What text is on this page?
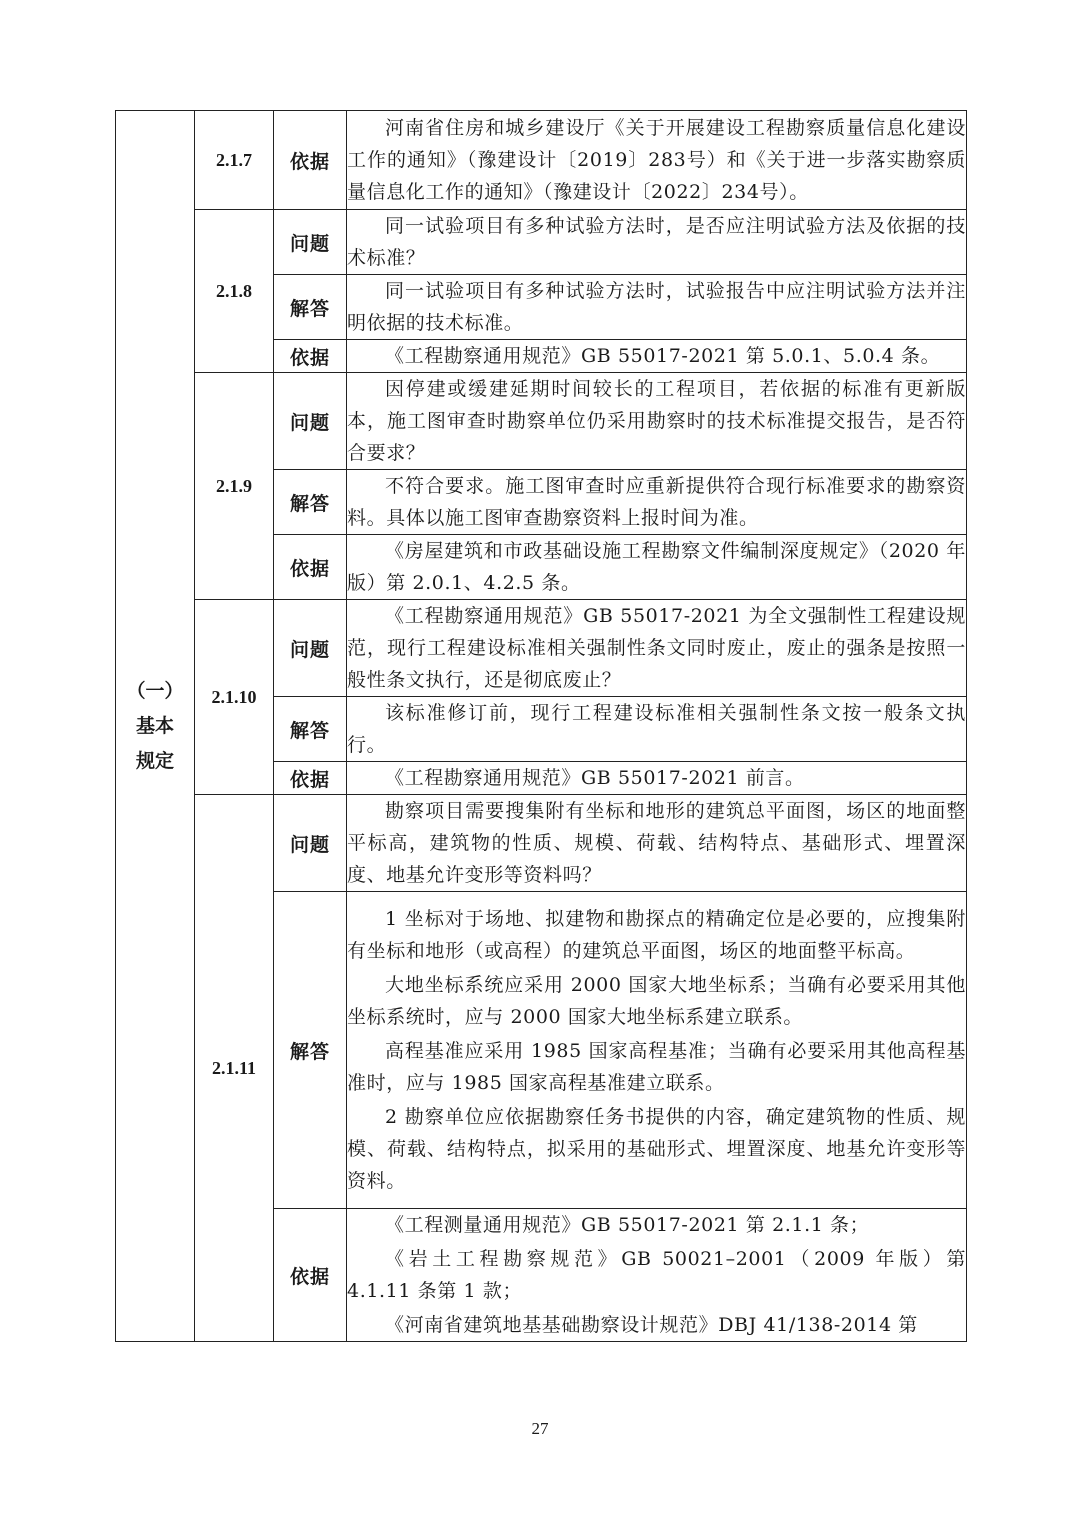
（一）
基本
规定	2.1.7	依据	河南省住房和城乡建设厅《关于开展建设工程勘察质量信息化建设工作的通知》（豫建设计〔2019〕283号）和《关于进一步落实勘察质量信息化工作的通知》（豫建设计〔2022〕234号）。

	2.1.8	问题	同一试验项目有多种试验方法时，是否应注明试验方法及依据的技术标准？

		解答	同一试验项目有多种试验方法时，试验报告中应注明试验方法并注明依据的技术标准。

		依据	《工程勘察通用规范》GB 55017-2021 第 5.0.1、5.0.4 条。

	2.1.9	问题	因停建或缓建延期时间较长的工程项目，若依据的标准有更新版本，施工图审查时勘察单位仍采用勘察时的技术标准提交报告，是否符合要求？

		解答	不符合要求。施工图审查时应重新提供符合现行标准要求的勘察资料。具体以施工图审查勘察资料上报时间为准。

		依据	《房屋建筑和市政基础设施工程勘察文件编制深度规定》（2020 年版）第 2.0.1、4.2.5 条。

	2.1.10	问题	《工程勘察通用规范》GB 55017-2021 为全文强制性工程建设规范，现行工程建设标准相关强制性条文同时废止，废止的强条是按照一般性条文执行，还是彻底废止？

		解答	该标准修订前，现行工程建设标准相关强制性条文按一般条文执行。

		依据	《工程勘察通用规范》GB 55017-2021 前言。

	2.1.11	问题	勘察项目需要搜集附有坐标和地形的建筑总平面图，场区的地面整平标高，建筑物的性质、规模、荷载、结构特点、基础形式、埋置深度、地基允许变形等资料吗？

		解答	1 坐标对于场地、拟建物和勘探点的精确定位是必要的，应搜集附有坐标和地形（或高程）的建筑总平面图，场区的地面整平标高。

大地坐标系统应采用 2000 国家大地坐标系；当确有必要采用其他坐标系统时，应与 2000 国家大地坐标系建立联系。

高程基准应采用 1985 国家高程基准；当确有必要采用其他高程基准时，应与 1985 国家高程基准建立联系。

2 勘察单位应依据勘察任务书提供的内容，确定建筑物的性质、规模、荷载、结构特点，拟采用的基础形式、埋置深度、地基允许变形等资料。

		依据	《工程测量通用规范》GB 55017-2021 第 2.1.1 条；

《岩土工程勘察规范》GB 50021–2001（2009 年版）第 4.1.11 条第 1 款；

《河南省建筑地基基础勘察设计规范》DBJ 41/138-2014 第

27
